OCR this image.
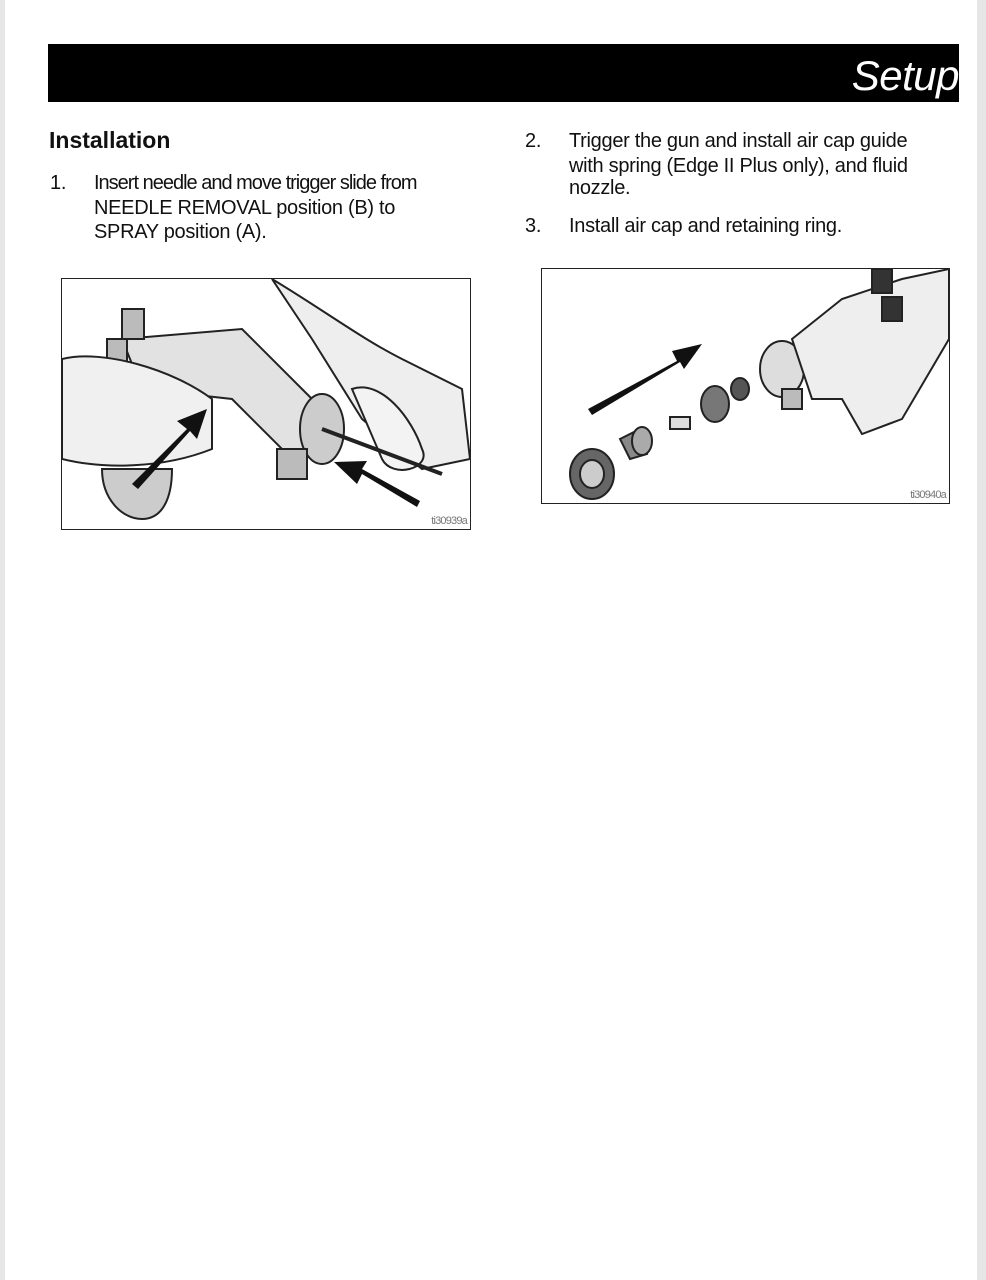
Setup
Installation
1. Insert needle and move trigger slide from
NEEDLE REMOVAL position (B) to
SPRAY position (A).
2. Trigger the gun and install air cap guide
with spring (Edge II Plus only), and fluid
nozzle.
3. Install air cap and retaining ring.
ti30939a
ti30940a
